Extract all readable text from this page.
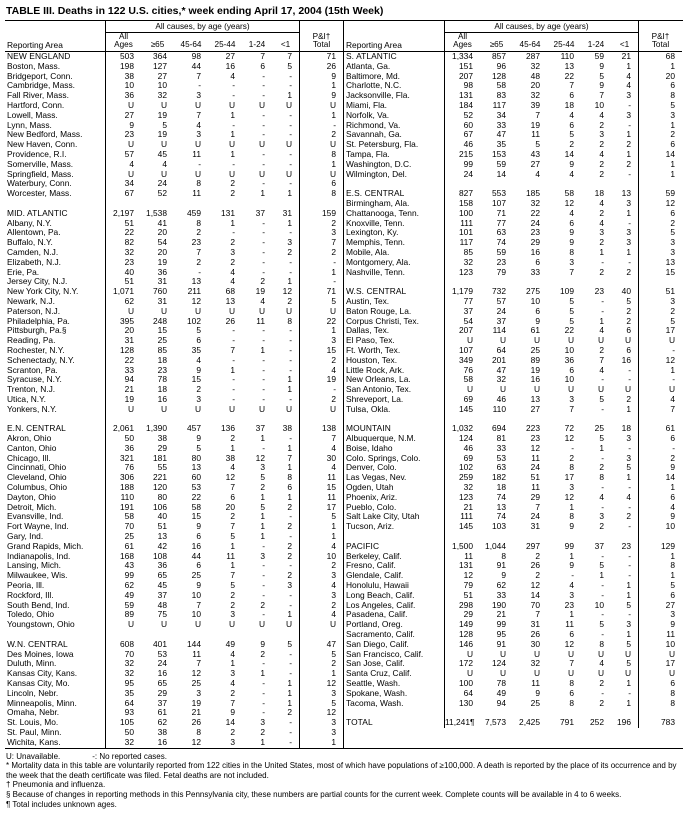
TABLE III. Deaths in 122 U.S. cities,* week ending April 17, 2004 (15th Week)
Reporting Area
All causes, by age (years)
P&I†
Total
All
Ages	≥65	45-64	25-44	1-24	<1
NEW ENGLAND	503	364	98	27	7	7	71
Boston, Mass.	198	127	44	16	6	5	26
Bridgeport, Conn.	38	27	7	4	-	-	9
Cambridge, Mass.	10	10	-	-	-	-	1
Fall River, Mass.	36	32	3	-	-	1	9
Hartford, Conn.	U	U	U	U	U	U	U
Lowell, Mass.	27	19	7	1	-	-	1
Lynn, Mass.	9	5	4	-	-	-	-
New Bedford, Mass.	23	19	3	1	-	-	2
New Haven, Conn.	U	U	U	U	U	U	U
Providence, R.I.	57	45	11	1	-	-	8
Somerville, Mass.	4	4	-	-	-	-	1
Springfield, Mass.	U	U	U	U	U	U	U
Waterbury, Conn.	34	24	8	2	-	-	6
Worcester, Mass.	67	52	11	2	1	1	8
MID. ATLANTIC	2,197	1,538	459	131	37	31	159
Albany, N.Y.	51	41	8	1	-	1	2
Allentown, Pa.	22	20	2	-	-	-	3
Buffalo, N.Y.	82	54	23	2	-	3	7
Camden, N.J.	32	20	7	3	-	2	2
Elizabeth, N.J.	23	19	2	2	-	-	-
Erie, Pa.	40	36	-	4	-	-	1
Jersey City, N.J.	51	31	13	4	2	1	-
New York City, N.Y.	1,071	760	211	68	19	12	71
Newark, N.J.	62	31	12	13	4	2	5
Paterson, N.J.	U	U	U	U	U	U	U
Philadelphia, Pa.	395	248	102	26	11	8	22
Pittsburgh, Pa.§	20	15	5	-	-	-	1
Reading, Pa.	31	25	6	-	-	-	3
Rochester, N.Y.	128	85	35	7	1	-	15
Schenectady, N.Y.	22	18	4	-	-	-	2
Scranton, Pa.	33	23	9	1	-	-	4
Syracuse, N.Y.	94	78	15	-	-	1	19
Trenton, N.J.	21	18	2	-	-	1	-
Utica, N.Y.	19	16	3	-	-	-	2
Yonkers, N.Y.	U	U	U	U	U	U	U
E.N. CENTRAL	2,061	1,390	457	136	37	38	138
Akron, Ohio	50	38	9	2	1	-	7
Canton, Ohio	36	29	5	1	-	1	4
Chicago, Ill.	321	181	80	38	12	7	30
Cincinnati, Ohio	76	55	13	4	3	1	4
Cleveland, Ohio	306	221	60	12	5	8	11
Columbus, Ohio	188	120	53	7	2	6	15
Dayton, Ohio	110	80	22	6	1	1	11
Detroit, Mich.	191	106	58	20	5	2	17
Evansville, Ind.	58	40	15	2	1	-	5
Fort Wayne, Ind.	70	51	9	7	1	2	1
Gary, Ind.	25	13	6	5	1	-	1
Grand Rapids, Mich.	61	42	16	1	-	2	4
Indianapolis, Ind.	168	108	44	11	3	2	10
Lansing, Mich.	43	36	6	1	-	-	2
Milwaukee, Wis.	99	65	25	7	-	2	3
Peoria, Ill.	62	45	9	5	-	3	4
Rockford, Ill.	49	37	10	2	-	-	3
South Bend, Ind.	59	48	7	2	2	-	2
Toledo, Ohio	89	75	10	3	-	1	4
Youngstown, Ohio	U	U	U	U	U	U	U
W.N. CENTRAL	608	401	144	49	9	5	47
Des Moines, Iowa	70	53	11	4	2	-	5
Duluth, Minn.	32	24	7	1	-	-	2
Kansas City, Kans.	32	16	12	3	1	-	1
Kansas City, Mo.	95	65	25	4	-	1	12
Lincoln, Nebr.	35	29	3	2	-	1	3
Minneapolis, Minn.	64	37	19	7	-	1	5
Omaha, Nebr.	93	61	21	9	-	2	12
St. Louis, Mo.	105	62	26	14	3	-	3
St. Paul, Minn.	50	38	8	2	2	-	3
Wichita, Kans.	32	16	12	3	1	-	1
Reporting Area
All causes, by age (years)
P&I†
Total
All
Ages	≥65	45-64	25-44	1-24	<1
S. ATLANTIC	1,334	857	287	110	59	21	68
Atlanta, Ga.	151	96	32	13	9	1	1
Baltimore, Md.	207	128	48	22	5	4	20
Charlotte, N.C.	98	58	20	7	9	4	6
Jacksonville, Fla.	131	83	32	6	7	3	8
Miami, Fla.	184	117	39	18	10	-	5
Norfolk, Va.	52	34	7	4	4	3	3
Richmond, Va.	60	33	19	6	2	-	1
Savannah, Ga.	67	47	11	5	3	1	2
St. Petersburg, Fla.	46	35	5	2	2	2	6
Tampa, Fla.	215	153	43	14	4	1	14
Washington, D.C.	99	59	27	9	2	2	1
Wilmington, Del.	24	14	4	4	2	-	1
E.S. CENTRAL	827	553	185	58	18	13	59
Birmingham, Ala.	158	107	32	12	4	3	12
Chattanooga, Tenn.	100	71	22	4	2	1	6
Knoxville, Tenn.	111	77	24	6	4	-	2
Lexington, Ky.	101	63	23	9	3	3	5
Memphis, Tenn.	117	74	29	9	2	3	3
Mobile, Ala.	85	59	16	8	1	1	3
Montgomery, Ala.	32	23	6	3	-	-	13
Nashville, Tenn.	123	79	33	7	2	2	15
W.S. CENTRAL	1,179	732	275	109	23	40	51
Austin, Tex.	77	57	10	5	-	5	3
Baton Rouge, La.	37	24	6	5	-	2	2
Corpus Christi, Tex.	54	37	9	5	1	2	5
Dallas, Tex.	207	114	61	22	4	6	17
El Paso, Tex.	U	U	U	U	U	U	U
Ft. Worth, Tex.	107	64	25	10	2	6	-
Houston, Tex.	349	201	89	36	7	16	12
Little Rock, Ark.	76	47	19	6	4	-	1
New Orleans, La.	58	32	16	10	-	-	-
San Antonio, Tex.	U	U	U	U	U	U	U
Shreveport, La.	69	46	13	3	5	2	4
Tulsa, Okla.	145	110	27	7	-	1	7
MOUNTAIN	1,032	694	223	72	25	18	61
Albuquerque, N.M.	124	81	23	12	5	3	6
Boise, Idaho	46	33	12	-	1	-	-
Colo. Springs, Colo.	69	53	11	2	-	3	2
Denver, Colo.	102	63	24	8	2	5	9
Las Vegas, Nev.	259	182	51	17	8	1	14
Ogden, Utah	32	18	11	3	-	-	1
Phoenix, Ariz.	123	74	29	12	4	4	6
Pueblo, Colo.	21	13	7	1	-	-	4
Salt Lake City, Utah	111	74	24	8	3	2	9
Tucson, Ariz.	145	103	31	9	2	-	10
PACIFIC	1,500	1,044	297	99	37	23	129
Berkeley, Calif.	11	8	2	1	-	-	1
Fresno, Calif.	131	91	26	9	5	-	8
Glendale, Calif.	12	9	2	-	1	-	1
Honolulu, Hawaii	79	62	12	4	-	1	5
Long Beach, Calif.	51	33	14	3	-	1	6
Los Angeles, Calif.	298	190	70	23	10	5	27
Pasadena, Calif.	29	21	7	1	-	-	3
Portland, Oreg.	149	99	31	11	5	3	9
Sacramento, Calif.	128	95	26	6	-	1	11
San Diego, Calif.	146	91	30	12	8	5	10
San Francisco, Calif.	U	U	U	U	U	U	U
San Jose, Calif.	172	124	32	7	4	5	17
Santa Cruz, Calif.	U	U	U	U	U	U	U
Seattle, Wash.	100	78	11	8	2	1	6
Spokane, Wash.	64	49	9	6	-	-	8
Tacoma, Wash.	130	94	25	8	2	1	8
TOTAL	11,241¶	7,573	2,425	791	252	196	783
U: Unavailable.	-: No reported cases.
* Mortality data in this table are voluntarily reported from 122 cities in the United States, most of which have populations of ≥100,000. A death is reported by the place of its occurrence and by the week that the death certificate was filed. Fetal deaths are not included.
† Pneumonia and influenza.
§ Because of changes in reporting methods in this Pennsylvania city, these numbers are partial counts for the current week. Complete counts will be available in 4 to 6 weeks.
¶ Total includes unknown ages.
